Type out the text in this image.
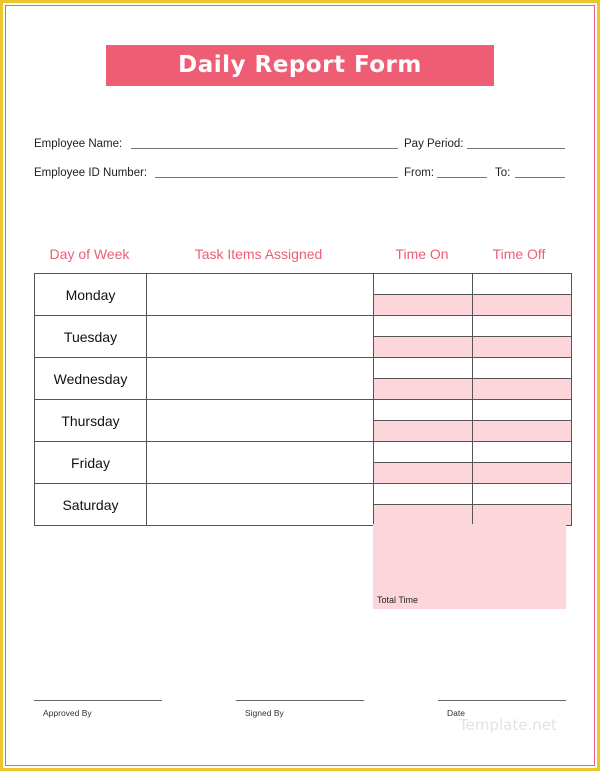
Daily Report Form
Employee Name:	Pay Period:
Employee ID Number:	From:	To:
Day of Week	Task Items Assigned	Time On	Time Off
Monday		

Tuesday		

Wednesday		

Thursday		

Friday		

Saturday		

Total Time
Approved By	Signed By	Date
Template.net
